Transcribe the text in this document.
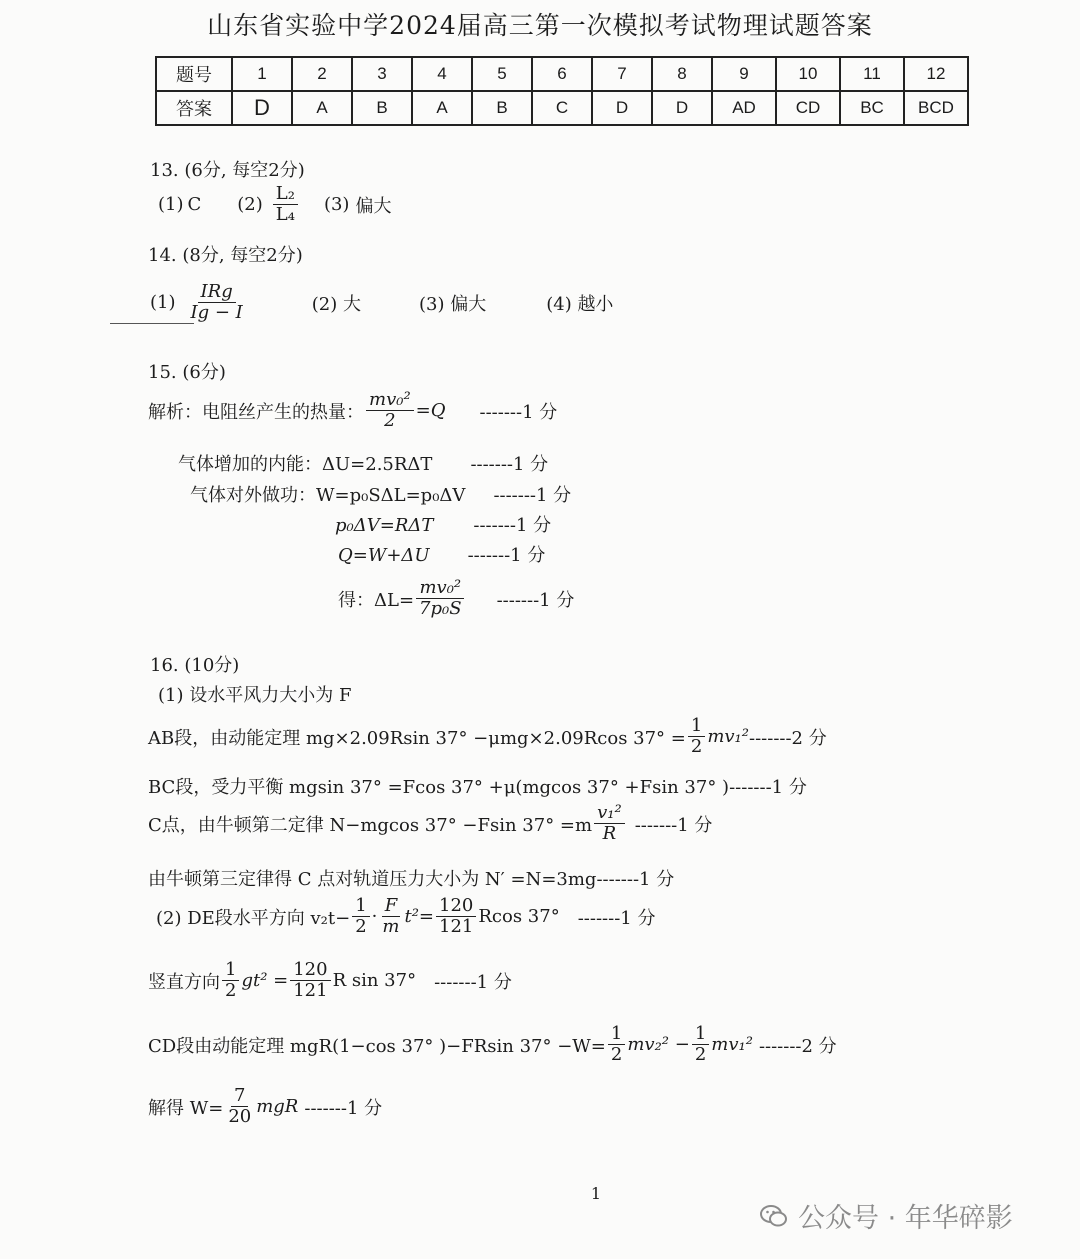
山东省实验中学2024届高三第一次模拟考试物理试题答案
题号	1	2	3	4	5	6	7	8	9	10	11	12
答案	D	A	B	A	B	C	D	D	AD	CD	BC	BCD
13. (6分, 每空2分)
(1) C $(2) \frac{\text{L₂}}{\text{L₄}} (3)$ 偏大
14. (8分, 每空2分)
$(1) \frac{\text{IRg}}{Ig - I}$	(2) 大	(3) 偏大	(4) 越小
15. (6分)
解析：电阻丝产生的热量： $\frac{\text{mv₀²}}{2} =Q$ -------1 分
气体增加的内能：ΔU=2.5RΔT -------1 分
气体对外做功：W=p₀SΔL=p₀ΔV -------1 分
p₀ΔV=RΔT -------1 分
Q=W+ΔU -------1 分
得：$\Delta L= \frac{\text{mv₀²}}{\text{7p₀S}} -------1$ 分
16. (10分)
(1) 设水平风力大小为 F
AB段，由动能定理 mg×2.09Rsin 37° −μmg×2.09Rcos $37^\circ = \frac{1}{2} mv_1^2$ -------2 分
BC段，受力平衡 mgsin 37° =Fcos 37° +μ(mgcos 37° +Fsin 37° )-------1 分
C点，由牛顿第二定律 N−mgcos 37° −Fsin $37^\circ =m \frac{\text{v₁²}}{R} -------1$ 分
由牛顿第三定律得 C 点对轨道压力大小为 N′ =N=3mg-------1 分
(2) DE段水平方向 $v_2t- \frac{1}{2} \cdot \frac{F}{m} t^2= \frac{120}{121}$ Rcos 37° -------1 分
竖直方向 $\frac{1}{2} gt^2 = \frac{120}{121}$ R sin 37° -------1 分
CD段由动能定理 mgR(1−cos 37° )−FRsin $37^\circ -W= \frac{1}{2} mv_2^2 - \frac{1}{2} mv_1^2$ -------2 分
解得 $W= \frac{7}{20}$ mgR -------1 分
1
公众号 · 年华碎影
